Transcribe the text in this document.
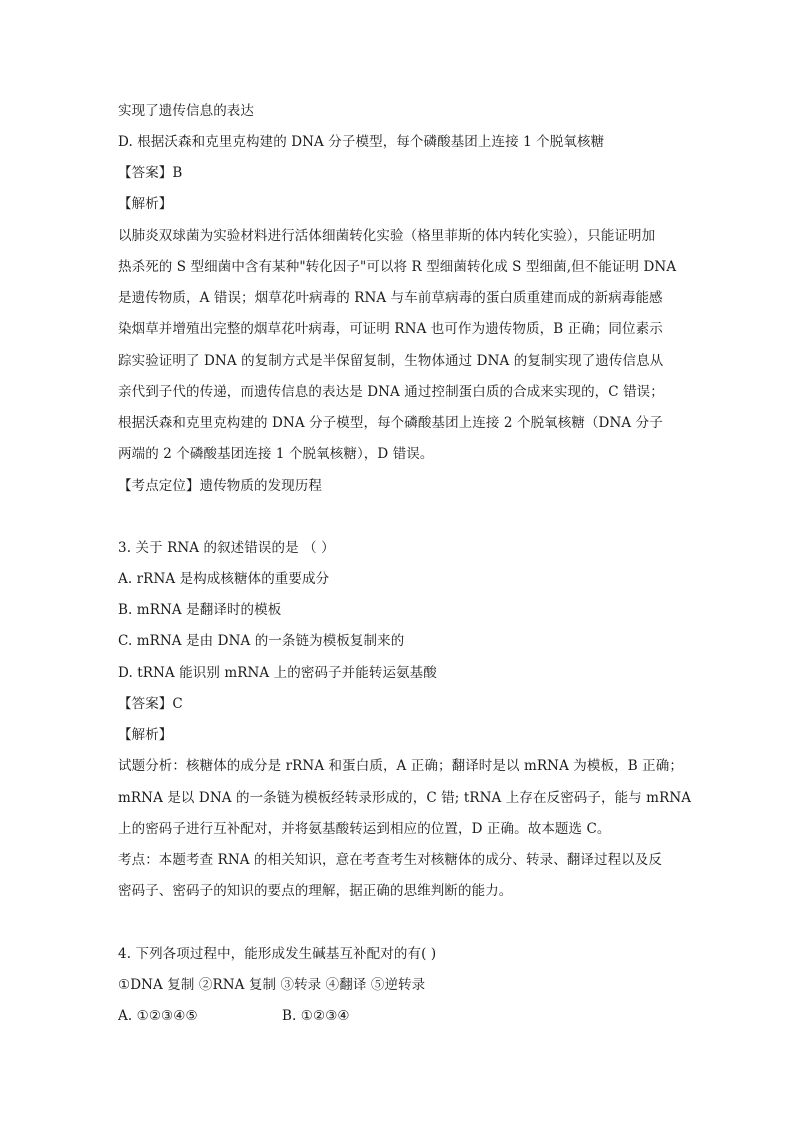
实现了遗传信息的表达
D. 根据沃森和克里克构建的 DNA 分子模型，每个磷酸基团上连接 1 个脱氧核糖
【答案】B
【解析】
以肺炎双球菌为实验材料进行活体细菌转化实验（格里菲斯的体内转化实验），只能证明加
热杀死的 S 型细菌中含有某种"转化因子"可以将 R 型细菌转化成 S 型细菌,但不能证明 DNA
是遗传物质，A 错误；烟草花叶病毒的 RNA 与车前草病毒的蛋白质重建而成的新病毒能感
染烟草并增殖出完整的烟草花叶病毒，可证明 RNA 也可作为遗传物质，B 正确；同位素示
踪实验证明了 DNA 的复制方式是半保留复制，生物体通过 DNA 的复制实现了遗传信息从
亲代到子代的传递，而遗传信息的表达是 DNA 通过控制蛋白质的合成来实现的，C 错误；
根据沃森和克里克构建的 DNA 分子模型，每个磷酸基团上连接 2 个脱氧核糖（DNA 分子
两端的 2 个磷酸基团连接 1 个脱氧核糖），D 错误。
【考点定位】遗传物质的发现历程
3. 关于 RNA 的叙述错误的是 （ ）
A. rRNA 是构成核糖体的重要成分
B. mRNA 是翻译时的模板
C. mRNA 是由 DNA 的一条链为模板复制来的
D. tRNA 能识别 mRNA 上的密码子并能转运氨基酸
【答案】C
【解析】
试题分析：核糖体的成分是 rRNA 和蛋白质，A 正确；翻译时是以 mRNA 为模板，B 正确；
mRNA 是以 DNA 的一条链为模板经转录形成的，C 错; tRNA 上存在反密码子，能与 mRNA
上的密码子进行互补配对，并将氨基酸转运到相应的位置，D 正确。故本题选 C。
考点：本题考查 RNA 的相关知识，意在考查考生对核糖体的成分、转录、翻译过程以及反
密码子、密码子的知识的要点的理解，据正确的思维判断的能力。
4. 下列各项过程中，能形成发生碱基互补配对的有( )
①DNA 复制 ②RNA 复制 ③转录 ④翻译 ⑤逆转录
A. ①②③④⑤	B. ①②③④
